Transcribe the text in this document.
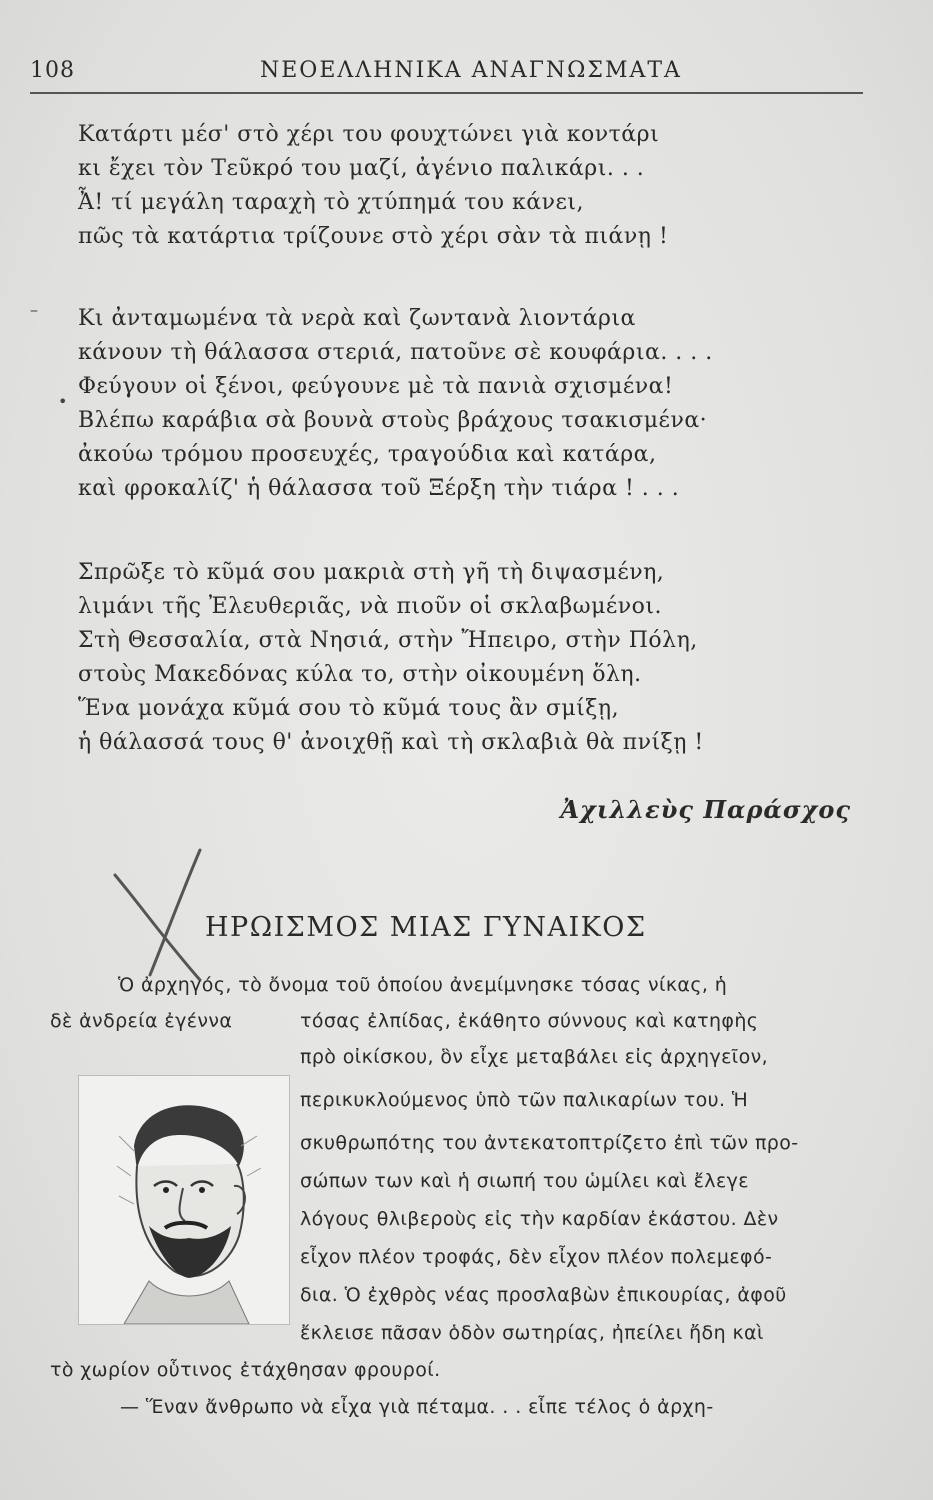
108	ΝΕΟΕΛΛΗΝΙΚΑ ΑΝΑΓΝΩΣΜΑΤΑ
Κατάρτι μέσ' στὸ χέρι του φουχτώνει γιὰ κοντάρι
κι ἔχει τὸν Τεῦκρό του μαζί, ἀγένιο παλικάρι. . .
Ἆ! τί μεγάλη ταραχὴ τὸ χτύπημά του κάνει,
πῶς τὰ κατάρτια τρίζουνε στὸ χέρι σὰν τὰ πιάνῃ !
Κι ἀνταμωμένα τὰ νερὰ καὶ ζωντανὰ λιοντάρια
κάνουν τὴ θάλασσα στεριά, πατοῦνε σὲ κουφάρια. . . .
Φεύγουν οἱ ξένοι, φεύγουνε μὲ τὰ πανιὰ σχισμένα!
Βλέπω καράβια σὰ βουνὰ στοὺς βράχους τσακισμένα·
ἀκούω τρόμου προσευχές, τραγούδια καὶ κατάρα,
καὶ φροκαλίζ' ἡ θάλασσα τοῦ Ξέρξη τὴν τιάρα ! . . .
•
–
Σπρῶξε τὸ κῦμά σου μακριὰ στὴ γῆ τὴ διψασμένη,
λιμάνι τῆς Ἐλευθεριᾶς, νὰ πιοῦν οἱ σκλαβωμένοι.
Στὴ Θεσσαλία, στὰ Νησιά, στὴν Ἤπειρο, στὴν Πόλη,
στοὺς Μακεδόνας κύλα το, στὴν οἰκουμένη ὅλη.
Ἕνα μονάχα κῦμά σου τὸ κῦμά τους ἂν σμίξῃ,
ἡ θάλασσά τους θ' ἀνοιχθῇ καὶ τὴ σκλαβιὰ θὰ πνίξῃ !
Ἀχιλλεὺς Παράσχος
ΗΡΩΙΣΜΟΣ ΜΙΑΣ ΓΥΝΑΙΚΟΣ
Ὁ ἀρχηγός, τὸ ὄνομα τοῦ ὁποίου ἀνεμίμνησκε τόσας νίκας, ἡ
δὲ ἀνδρεία ἐγέννα	τόσας ἐλπίδας, ἐκάθητο σύννους καὶ κατηφὴς
πρὸ οἰκίσκου, ὃν εἶχε μεταβάλει εἰς ἀρχηγεῖον,
περικυκλούμενος ὑπὸ τῶν παλικαρίων του. Ἡ
σκυθρωπότης του ἀντεκατοπτρίζετο ἐπὶ τῶν προ-
σώπων των καὶ ἡ σιωπή του ὡμίλει καὶ ἔλεγε
λόγους θλιβεροὺς εἰς τὴν καρδίαν ἑκάστου. Δὲν
εἶχον πλέον τροφάς, δὲν εἶχον πλέον πολεμεφό-
δια. Ὁ ἐχθρὸς νέας προσλαβὼν ἐπικουρίας, ἀφοῦ
ἔκλεισε πᾶσαν ὁδὸν σωτηρίας, ἠπείλει ἤδη καὶ
τὸ χωρίον οὗτινος ἐτάχθησαν φρουροί.
— Ἕναν ἄνθρωπο νὰ εἶχα γιὰ πέταμα. . . εἶπε τέλος ὁ ἀρχη-
